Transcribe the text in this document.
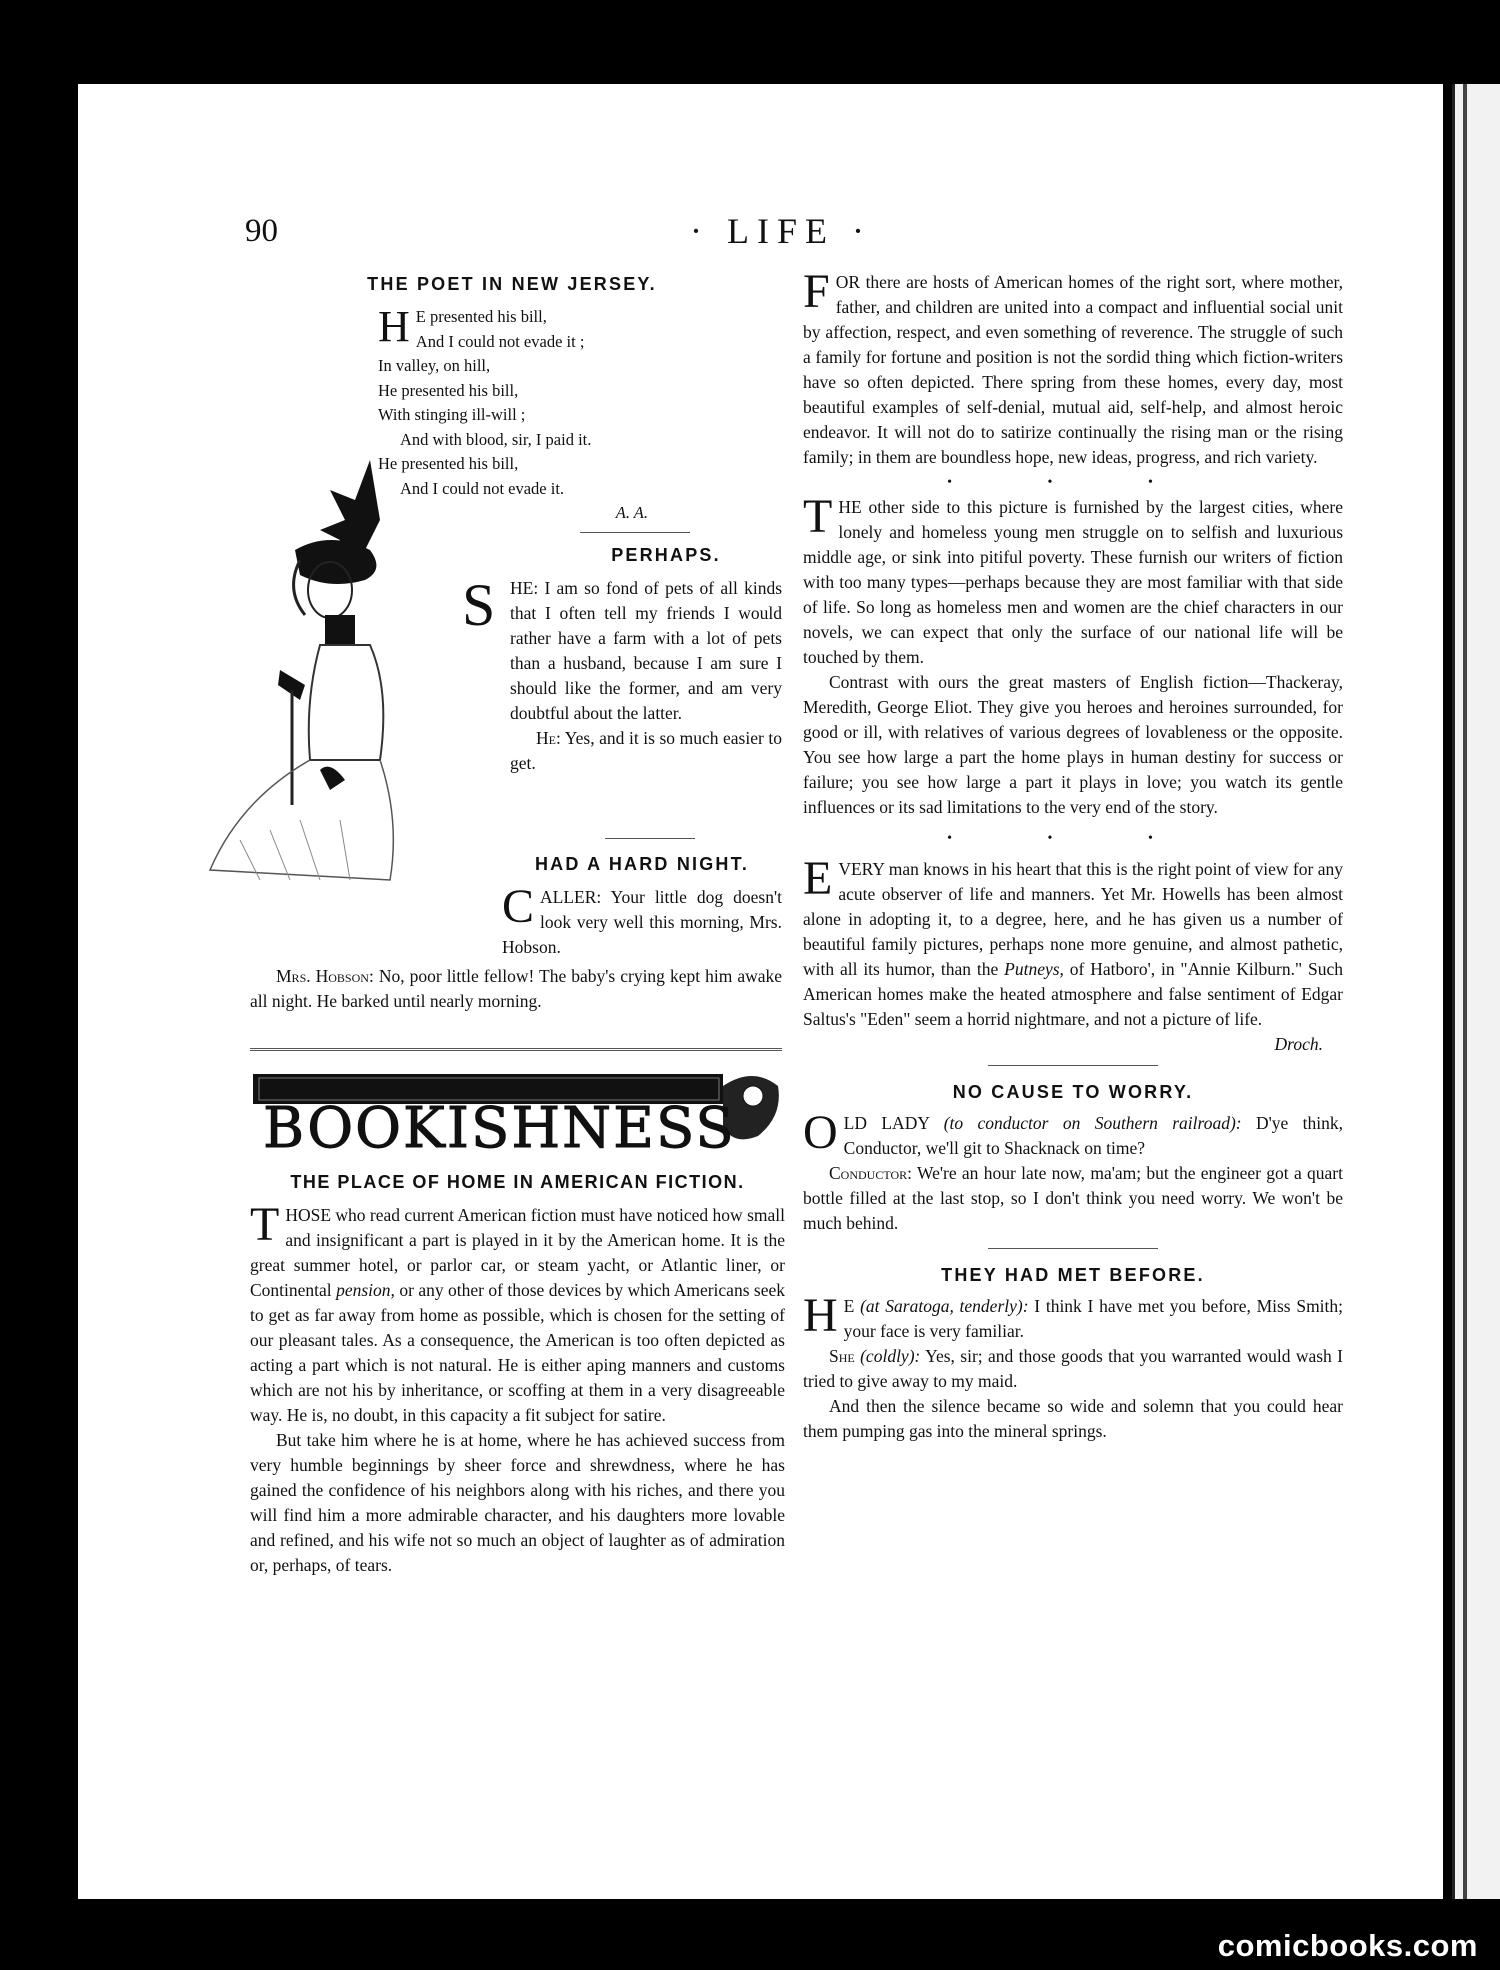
90	· LIFE ·

THE POET IN NEW JERSEY.

H E presented his bill,

And I could not evade it ;

In valley, on hill,

He presented his bill,

With stinging ill-will ;

And with blood, sir, I paid it.

He presented his bill,

And I could not evade it.

A. A.

PERHAPS.

HE: I am so fond of pets of all kinds that I often tell my friends I would rather have a farm with a lot of pets than a husband, because I am sure I should like the former, and am very doubtful about the latter.

He: Yes, and it is so much easier to get.

S

HAD A HARD NIGHT.

C ALLER: Your little dog doesn't look very well this morning, Mrs. Hobson.

Mrs. Hobson: No, poor little fellow! The baby's crying kept him awake all night. He barked until nearly morning.

BOOKISHNESS

THE PLACE OF HOME IN AMERICAN FICTION.

T HOSE who read current American fiction must have noticed how small and insignificant a part is played in it by the American home. It is the great summer hotel, or parlor car, or steam yacht, or Atlantic liner, or Continental pension, or any other of those devices by which Americans seek to get as far away from home as possible, which is chosen for the setting of our pleasant tales. As a consequence, the American is too often depicted as acting a part which is not natural. He is either aping manners and customs which are not his by inheritance, or scoffing at them in a very disagreeable way. He is, no doubt, in this capacity a fit subject for satire.

But take him where he is at home, where he has achieved success from very humble beginnings by sheer force and shrewdness, where he has gained the confidence of his neighbors along with his riches, and there you will find him a more admirable character, and his daughters more lovable and refined, and his wife not so much an object of laughter as of admiration or, perhaps, of tears.

F OR there are hosts of American homes of the right sort, where mother, father, and children are united into a compact and influential social unit by affection, respect, and even something of reverence. The struggle of such a family for fortune and position is not the sordid thing which fiction-writers have so often depicted. There spring from these homes, every day, most beautiful examples of self-denial, mutual aid, self-help, and almost heroic endeavor. It will not do to satirize continually the rising man or the rising family; in them are boundless hope, new ideas, progress, and rich variety.

• • •

T HE other side to this picture is furnished by the largest cities, where lonely and homeless young men struggle on to selfish and luxurious middle age, or sink into pitiful poverty. These furnish our writers of fiction with too many types—perhaps because they are most familiar with that side of life. So long as homeless men and women are the chief characters in our novels, we can expect that only the surface of our national life will be touched by them.

Contrast with ours the great masters of English fiction—Thackeray, Meredith, George Eliot. They give you heroes and heroines surrounded, for good or ill, with relatives of various degrees of lovableness or the opposite. You see how large a part the home plays in human destiny for success or failure; you see how large a part it plays in love; you watch its gentle influences or its sad limitations to the very end of the story.

• • •

E VERY man knows in his heart that this is the right point of view for any acute observer of life and manners. Yet Mr. Howells has been almost alone in adopting it, to a degree, here, and he has given us a number of beautiful family pictures, perhaps none more genuine, and almost pathetic, with all its humor, than the Putneys, of Hatboro', in "Annie Kilburn." Such American homes make the heated atmosphere and false sentiment of Edgar Saltus's "Eden" seem a horrid nightmare, and not a picture of life.

Droch.

NO CAUSE TO WORRY.

O LD LADY (to conductor on Southern railroad): D'ye think, Conductor, we'll git to Shacknack on time?

Conductor: We're an hour late now, ma'am; but the engineer got a quart bottle filled at the last stop, so I don't think you need worry. We won't be much behind.

THEY HAD MET BEFORE.

H E (at Saratoga, tenderly): I think I have met you before, Miss Smith; your face is very familiar.

She (coldly): Yes, sir; and those goods that you warranted would wash I tried to give away to my maid.

And then the silence became so wide and solemn that you could hear them pumping gas into the mineral springs.

comicbooks.com
